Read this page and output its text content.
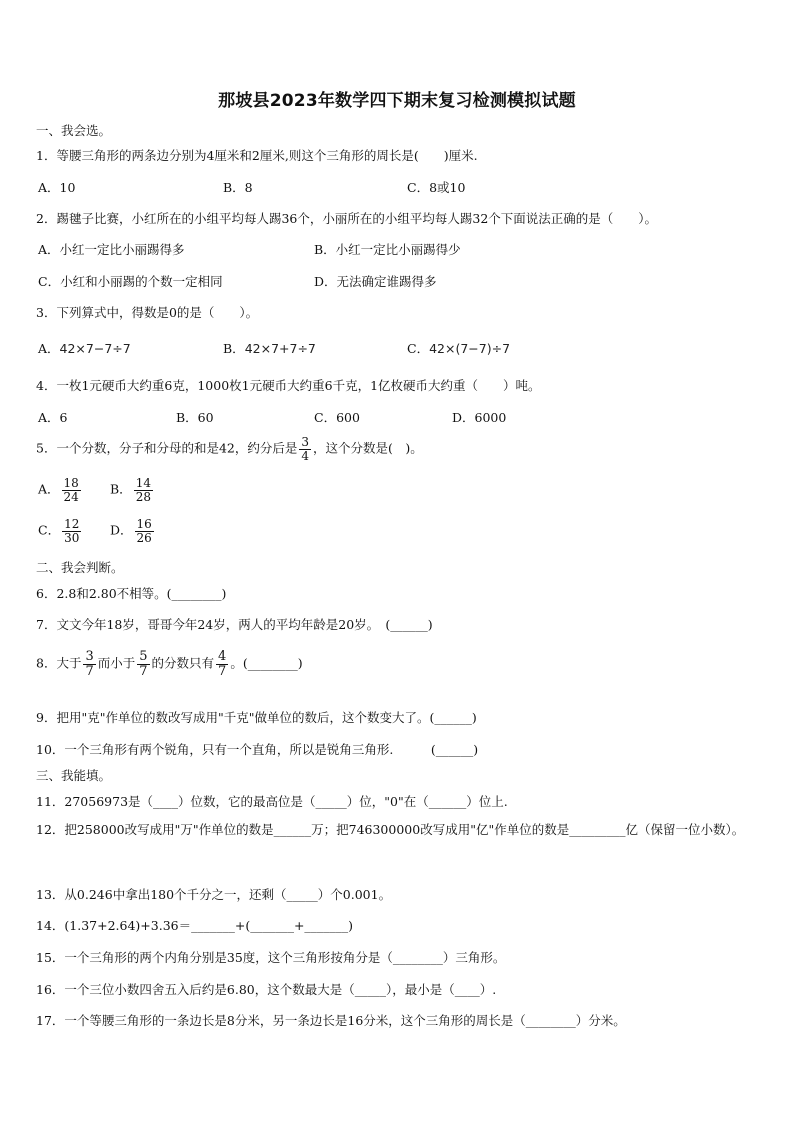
那坡县2023年数学四下期末复习检测模拟试题
一、我会选。
1．等腰三角形的两条边分别为4厘米和2厘米,则这个三角形的周长是(　　)厘米.
A．10	B．8	C．8或10
2．踢毽子比赛，小红所在的小组平均每人踢36个，小丽所在的小组平均每人踢32个下面说法正确的是（　　）。
A．小红一定比小丽踢得多	B．小红一定比小丽踢得少
C．小红和小丽踢的个数一定相同	D．无法确定谁踢得多
3．下列算式中，得数是0的是（　　）。
A．42×7−7÷7	B．42×7+7÷7	C．42×(7−7)÷7
4．一枚1元硬币大约重6克，1000枚1元硬币大约重6千克，1亿枚硬币大约重（　　）吨。
A．6	B．60	C．600	D．6000
5．一个分数，分子和分母的和是42，约分后是 $\frac{3}{4}$ ，这个分数是(　)。
A． $\frac{18}{24}$ B． $\frac{14}{28}$
C． $\frac{12}{30}$ D． $\frac{16}{26}$
二、我会判断。
6．2.8和2.80不相等。(________)
7．文文今年18岁，哥哥今年24岁，两人的平均年龄是20岁。　(______)
8．大于 $\frac{3}{7}$ 而小于 $\frac{5}{7}$ 的分数只有 $\frac{4}{7}$ 。(________)
9．把用"克"作单位的数改写成用"千克"做单位的数后，这个数变大了。(______)
10．一个三角形有两个锐角，只有一个直角，所以是锐角三角形.　　　(______)
三、我能填。
11．27056973是（____）位数，它的最高位是（_____）位，"0"在（______）位上.
12．把258000改写成用"万"作单位的数是______万；把746300000改写成用"亿"作单位的数是_________亿（保留一位小数）。
13．从0.246中拿出180个千分之一，还剩（_____）个0.001。
14．(1.37+2.64)+3.36＝_______+(_______+_______)
15．一个三角形的两个内角分别是35度，这个三角形按角分是（________）三角形。
16．一个三位小数四舍五入后约是6.80，这个数最大是（_____），最小是（____）.
17．一个等腰三角形的一条边长是8分米，另一条边长是16分米，这个三角形的周长是（________）分米。
